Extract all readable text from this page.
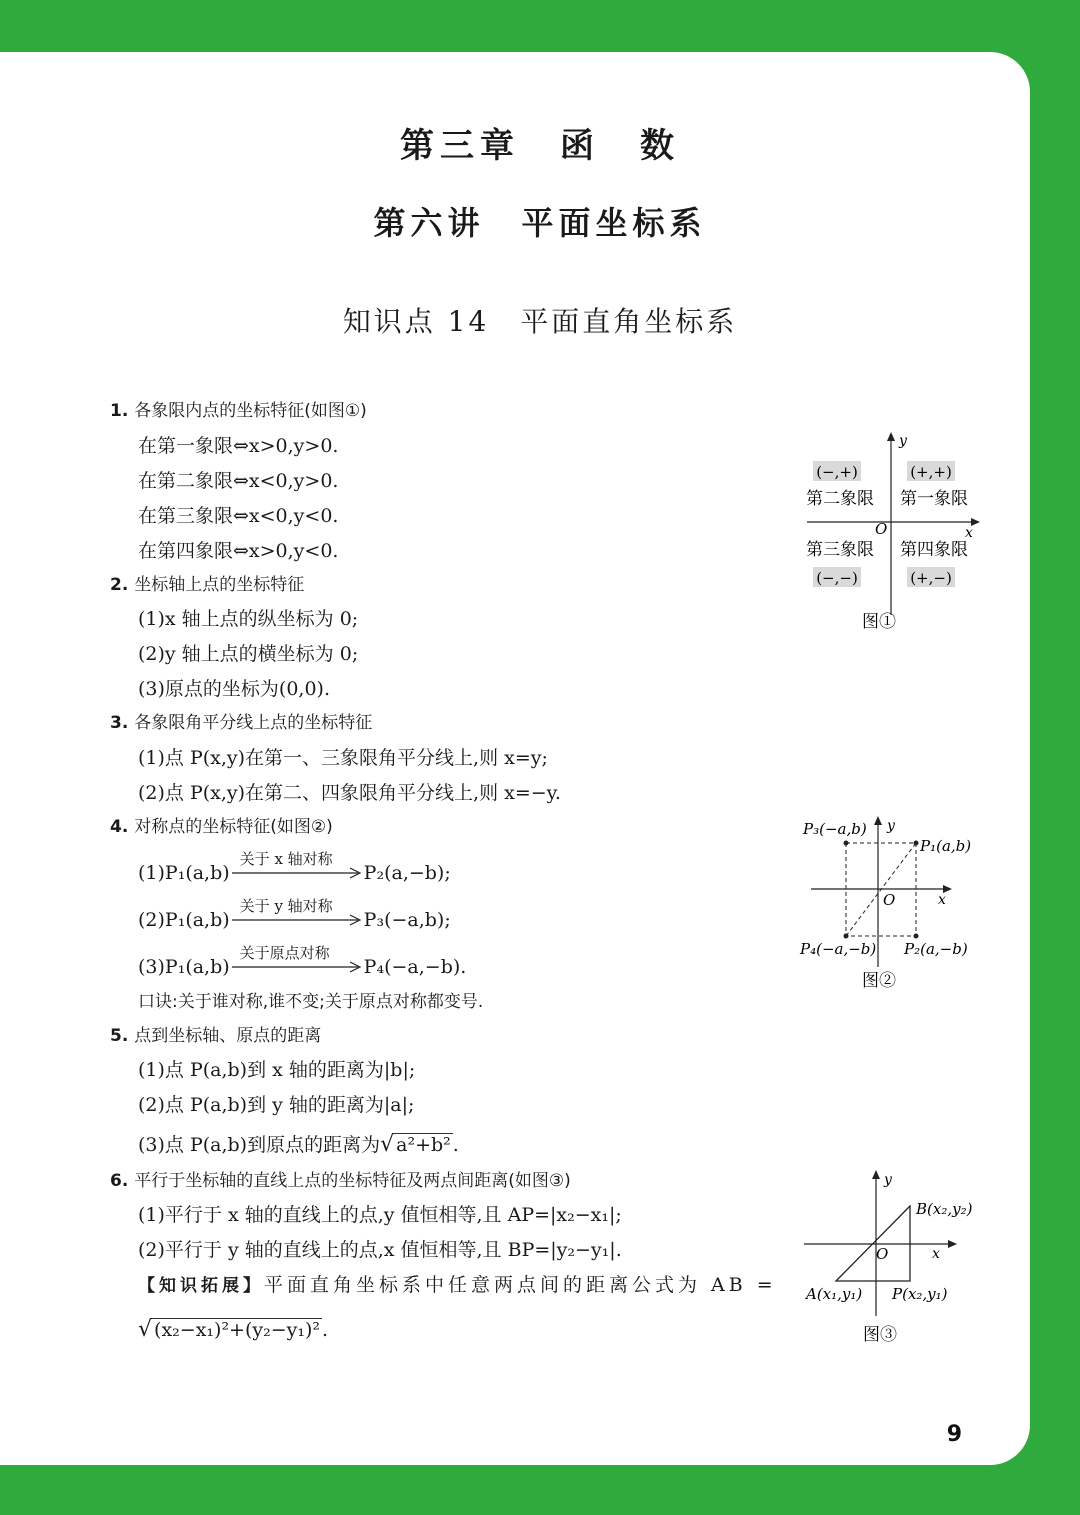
第三章　函　数
第六讲　平面坐标系
知识点 14　平面直角坐标系
1. 各象限内点的坐标特征(如图①)
在第一象限⇔x>0,y>0.
在第二象限⇔x<0,y>0.
在第三象限⇔x<0,y<0.
在第四象限⇔x>0,y<0.
2. 坐标轴上点的坐标特征
(1)x 轴上点的纵坐标为 0;
(2)y 轴上点的横坐标为 0;
(3)原点的坐标为(0,0).
3. 各象限角平分线上点的坐标特征
(1)点 P(x,y)在第一、三象限角平分线上,则 x=y;
(2)点 P(x,y)在第二、四象限角平分线上,则 x=−y.
4. 对称点的坐标特征(如图②)
(1)P₁(a,b)
关于 x 轴对称
P₂(a,−b);
(2)P₁(a,b)
关于 y 轴对称
P₃(−a,b);
(3)P₁(a,b)
关于原点对称
P₄(−a,−b).
口诀:关于谁对称,谁不变;关于原点对称都变号.
5. 点到坐标轴、原点的距离
(1)点 P(a,b)到 x 轴的距离为|b|;
(2)点 P(a,b)到 y 轴的距离为|a|;
(3)点 P(a,b)到原点的距离为√ a²+b² .
6. 平行于坐标轴的直线上点的坐标特征及两点间距离(如图③)
(1)平行于 x 轴的直线上的点,y 值恒相等,且 AP=|x₂−x₁|;
(2)平行于 y 轴的直线上的点,x 值恒相等,且 BP=|y₂−y₁|.
【知识拓展】平面直角坐标系中任意两点间的距离公式为 AB =
√ (x₂−x₁)²+(y₂−y₁)² .
y
x
O
(−,+)	(+,+)
第二象限 第一象限
第三象限 第四象限
(−,−)	(+,−)
图①
y
x
O
P₃(−a,b)
P₁(a,b)
P₄(−a,−b) P₂(a,−b)
图②
y
x
O
B(x₂,y₂)
A(x₁,y₁) P(x₂,y₁)
图③
9
